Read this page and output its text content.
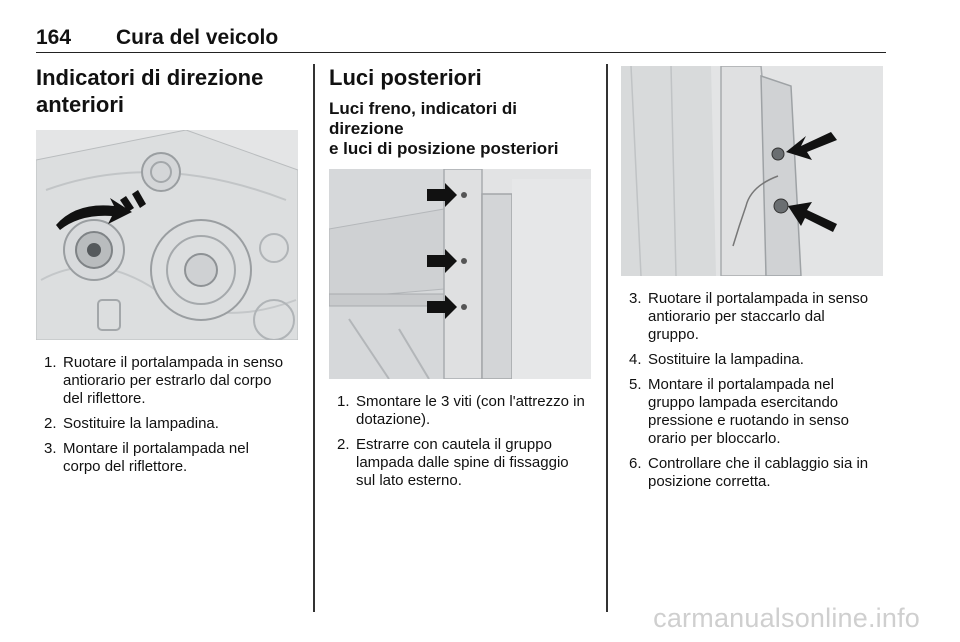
164 Cura del veicolo
Indicatori di direzione
anteriori
1. Ruotare il portalampada in senso
antiorario per estrarlo dal corpo
del riflettore.
2. Sostituire la lampadina.
3. Montare il portalampada nel
corpo del riflettore.
Luci posteriori
Luci freno, indicatori di direzione
e luci di posizione posteriori
1. Smontare le 3 viti (con l'attrezzo in
dotazione).
2. Estrarre con cautela il gruppo
lampada dalle spine di fissaggio
sul lato esterno.
3. Ruotare il portalampada in senso
antiorario per staccarlo dal
gruppo.
4. Sostituire la lampadina.
5. Montare il portalampada nel
gruppo lampada esercitando
pressione e ruotando in senso
orario per bloccarlo.
6. Controllare che il cablaggio sia in
posizione corretta.
carmanualsonline.info
